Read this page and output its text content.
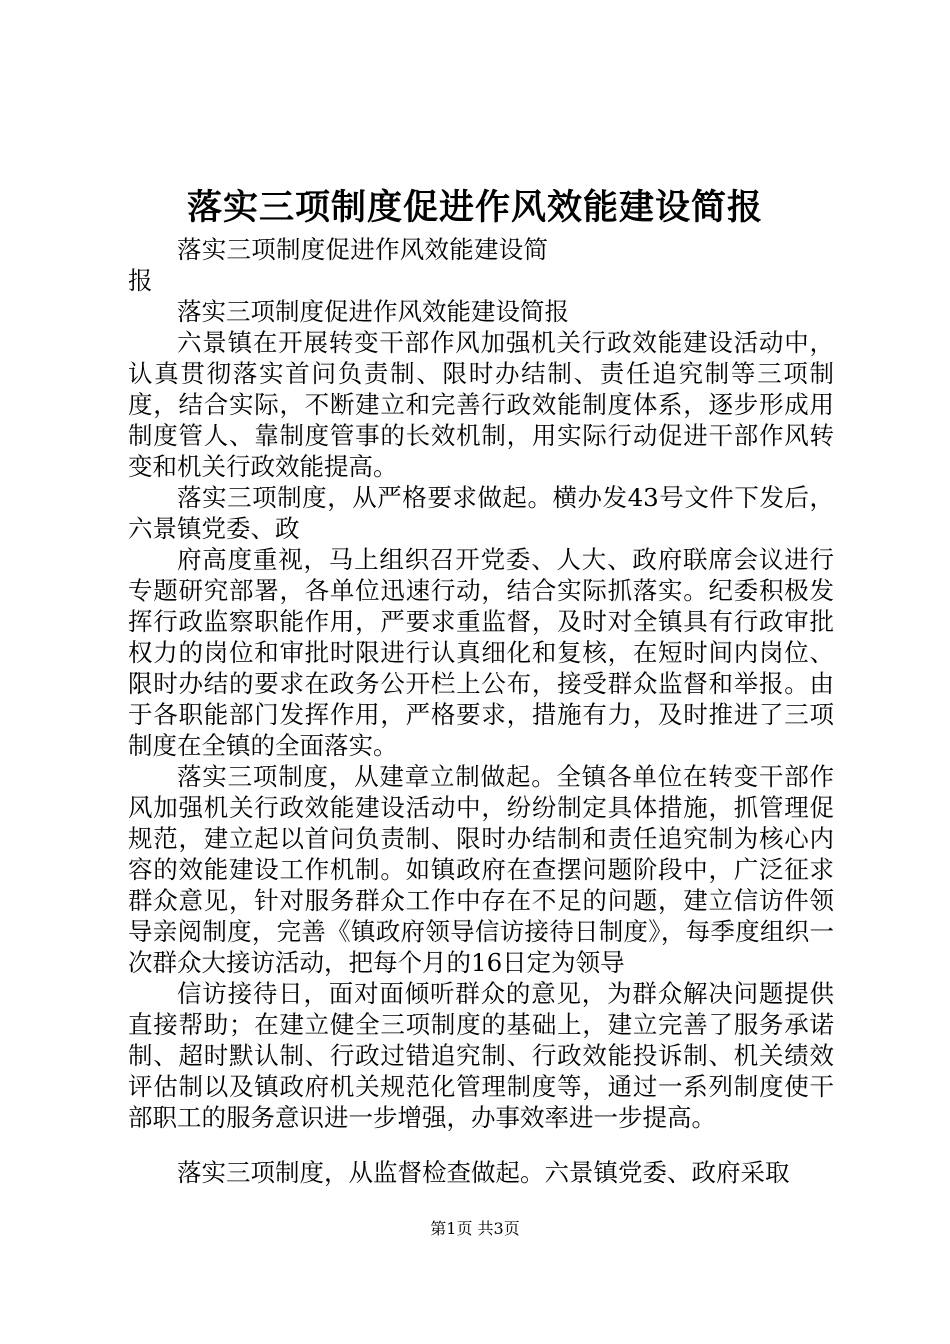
落实三项制度促进作风效能建设简报

落实三项制度促进作风效能建设简报

落实三项制度促进作风效能建设简报

六景镇在开展转变干部作风加强机关行政效能建设活动中，认真贯彻落实首问负责制、限时办结制、责任追究制等三项制度，结合实际，不断建立和完善行政效能制度体系，逐步形成用制度管人、靠制度管事的长效机制，用实际行动促进干部作风转变和机关行政效能提高。

落实三项制度，从严格要求做起。横办发43号文件下发后，六景镇党委、政

府高度重视，马上组织召开党委、人大、政府联席会议进行专题研究部署，各单位迅速行动，结合实际抓落实。纪委积极发挥行政监察职能作用，严要求重监督，及时对全镇具有行政审批权力的岗位和审批时限进行认真细化和复核，在短时间内岗位、限时办结的要求在政务公开栏上公布，接受群众监督和举报。由于各职能部门发挥作用，严格要求，措施有力，及时推进了三项制度在全镇的全面落实。

落实三项制度，从建章立制做起。全镇各单位在转变干部作风加强机关行政效能建设活动中，纷纷制定具体措施，抓管理促规范，建立起以首问负责制、限时办结制和责任追究制为核心内容的效能建设工作机制。如镇政府在查摆问题阶段中，广泛征求群众意见，针对服务群众工作中存在不足的问题，建立信访件领导亲阅制度，完善《镇政府领导信访接待日制度》，每季度组织一次群众大接访活动，把每个月的16日定为领导

信访接待日，面对面倾听群众的意见，为群众解决问题提供直接帮助；在建立健全三项制度的基础上，建立完善了服务承诺制、超时默认制、行政过错追究制、行政效能投诉制、机关绩效评估制以及镇政府机关规范化管理制度等，通过一系列制度使干部职工的服务意识进一步增强，办事效率进一步提高。

落实三项制度，从监督检查做起。六景镇党委、政府采取

第1页 共3页
